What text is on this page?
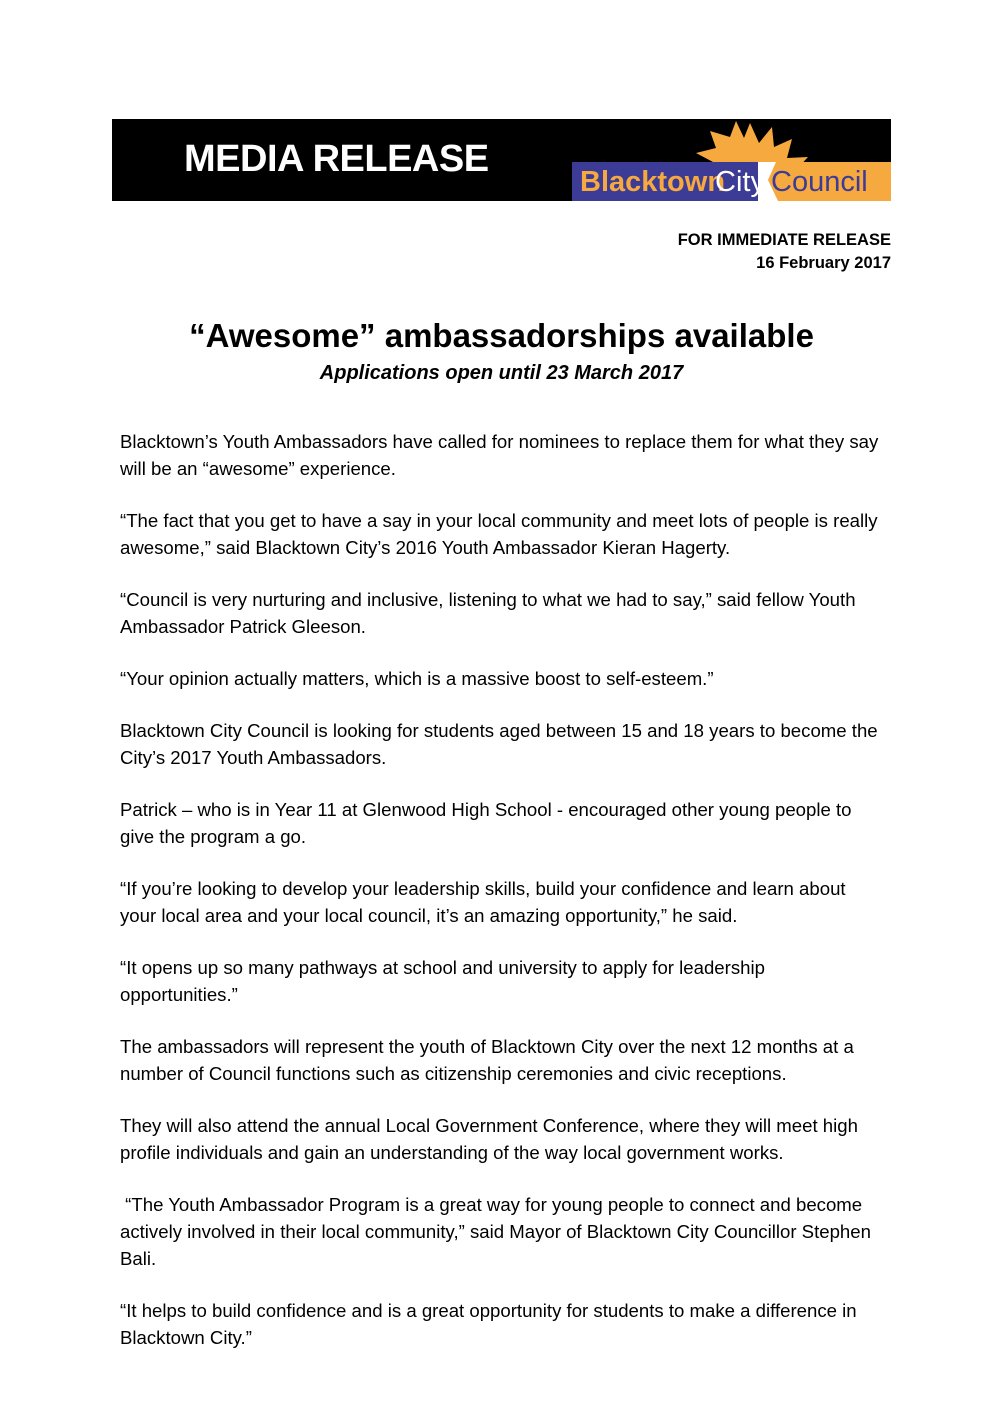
MEDIA RELEASE
Blacktown
City Council
FOR IMMEDIATE RELEASE
16 February 2017
“Awesome” ambassadorships available
Applications open until 23 March 2017

Blacktown’s Youth Ambassadors have called for nominees to replace them for what they say will be an “awesome” experience.

“The fact that you get to have a say in your local community and meet lots of people is really awesome,” said Blacktown City’s 2016 Youth Ambassador Kieran Hagerty.

“Council is very nurturing and inclusive, listening to what we had to say,” said fellow Youth Ambassador Patrick Gleeson.

“Your opinion actually matters, which is a massive boost to self-esteem.”

Blacktown City Council is looking for students aged between 15 and 18 years to become the City’s 2017 Youth Ambassadors.

Patrick – who is in Year 11 at Glenwood High School - encouraged other young people to give the program a go.

“If you’re looking to develop your leadership skills, build your confidence and learn about your local area and your local council, it’s an amazing opportunity,” he said.

“It opens up so many pathways at school and university to apply for leadership opportunities.”

The ambassadors will represent the youth of Blacktown City over the next 12 months at a number of Council functions such as citizenship ceremonies and civic receptions.

They will also attend the annual Local Government Conference, where they will meet high profile individuals and gain an understanding of the way local government works.

“The Youth Ambassador Program is a great way for young people to connect and become actively involved in their local community,” said Mayor of Blacktown City Councillor Stephen Bali.

“It helps to build confidence and is a great opportunity for students to make a difference in Blacktown City.”
